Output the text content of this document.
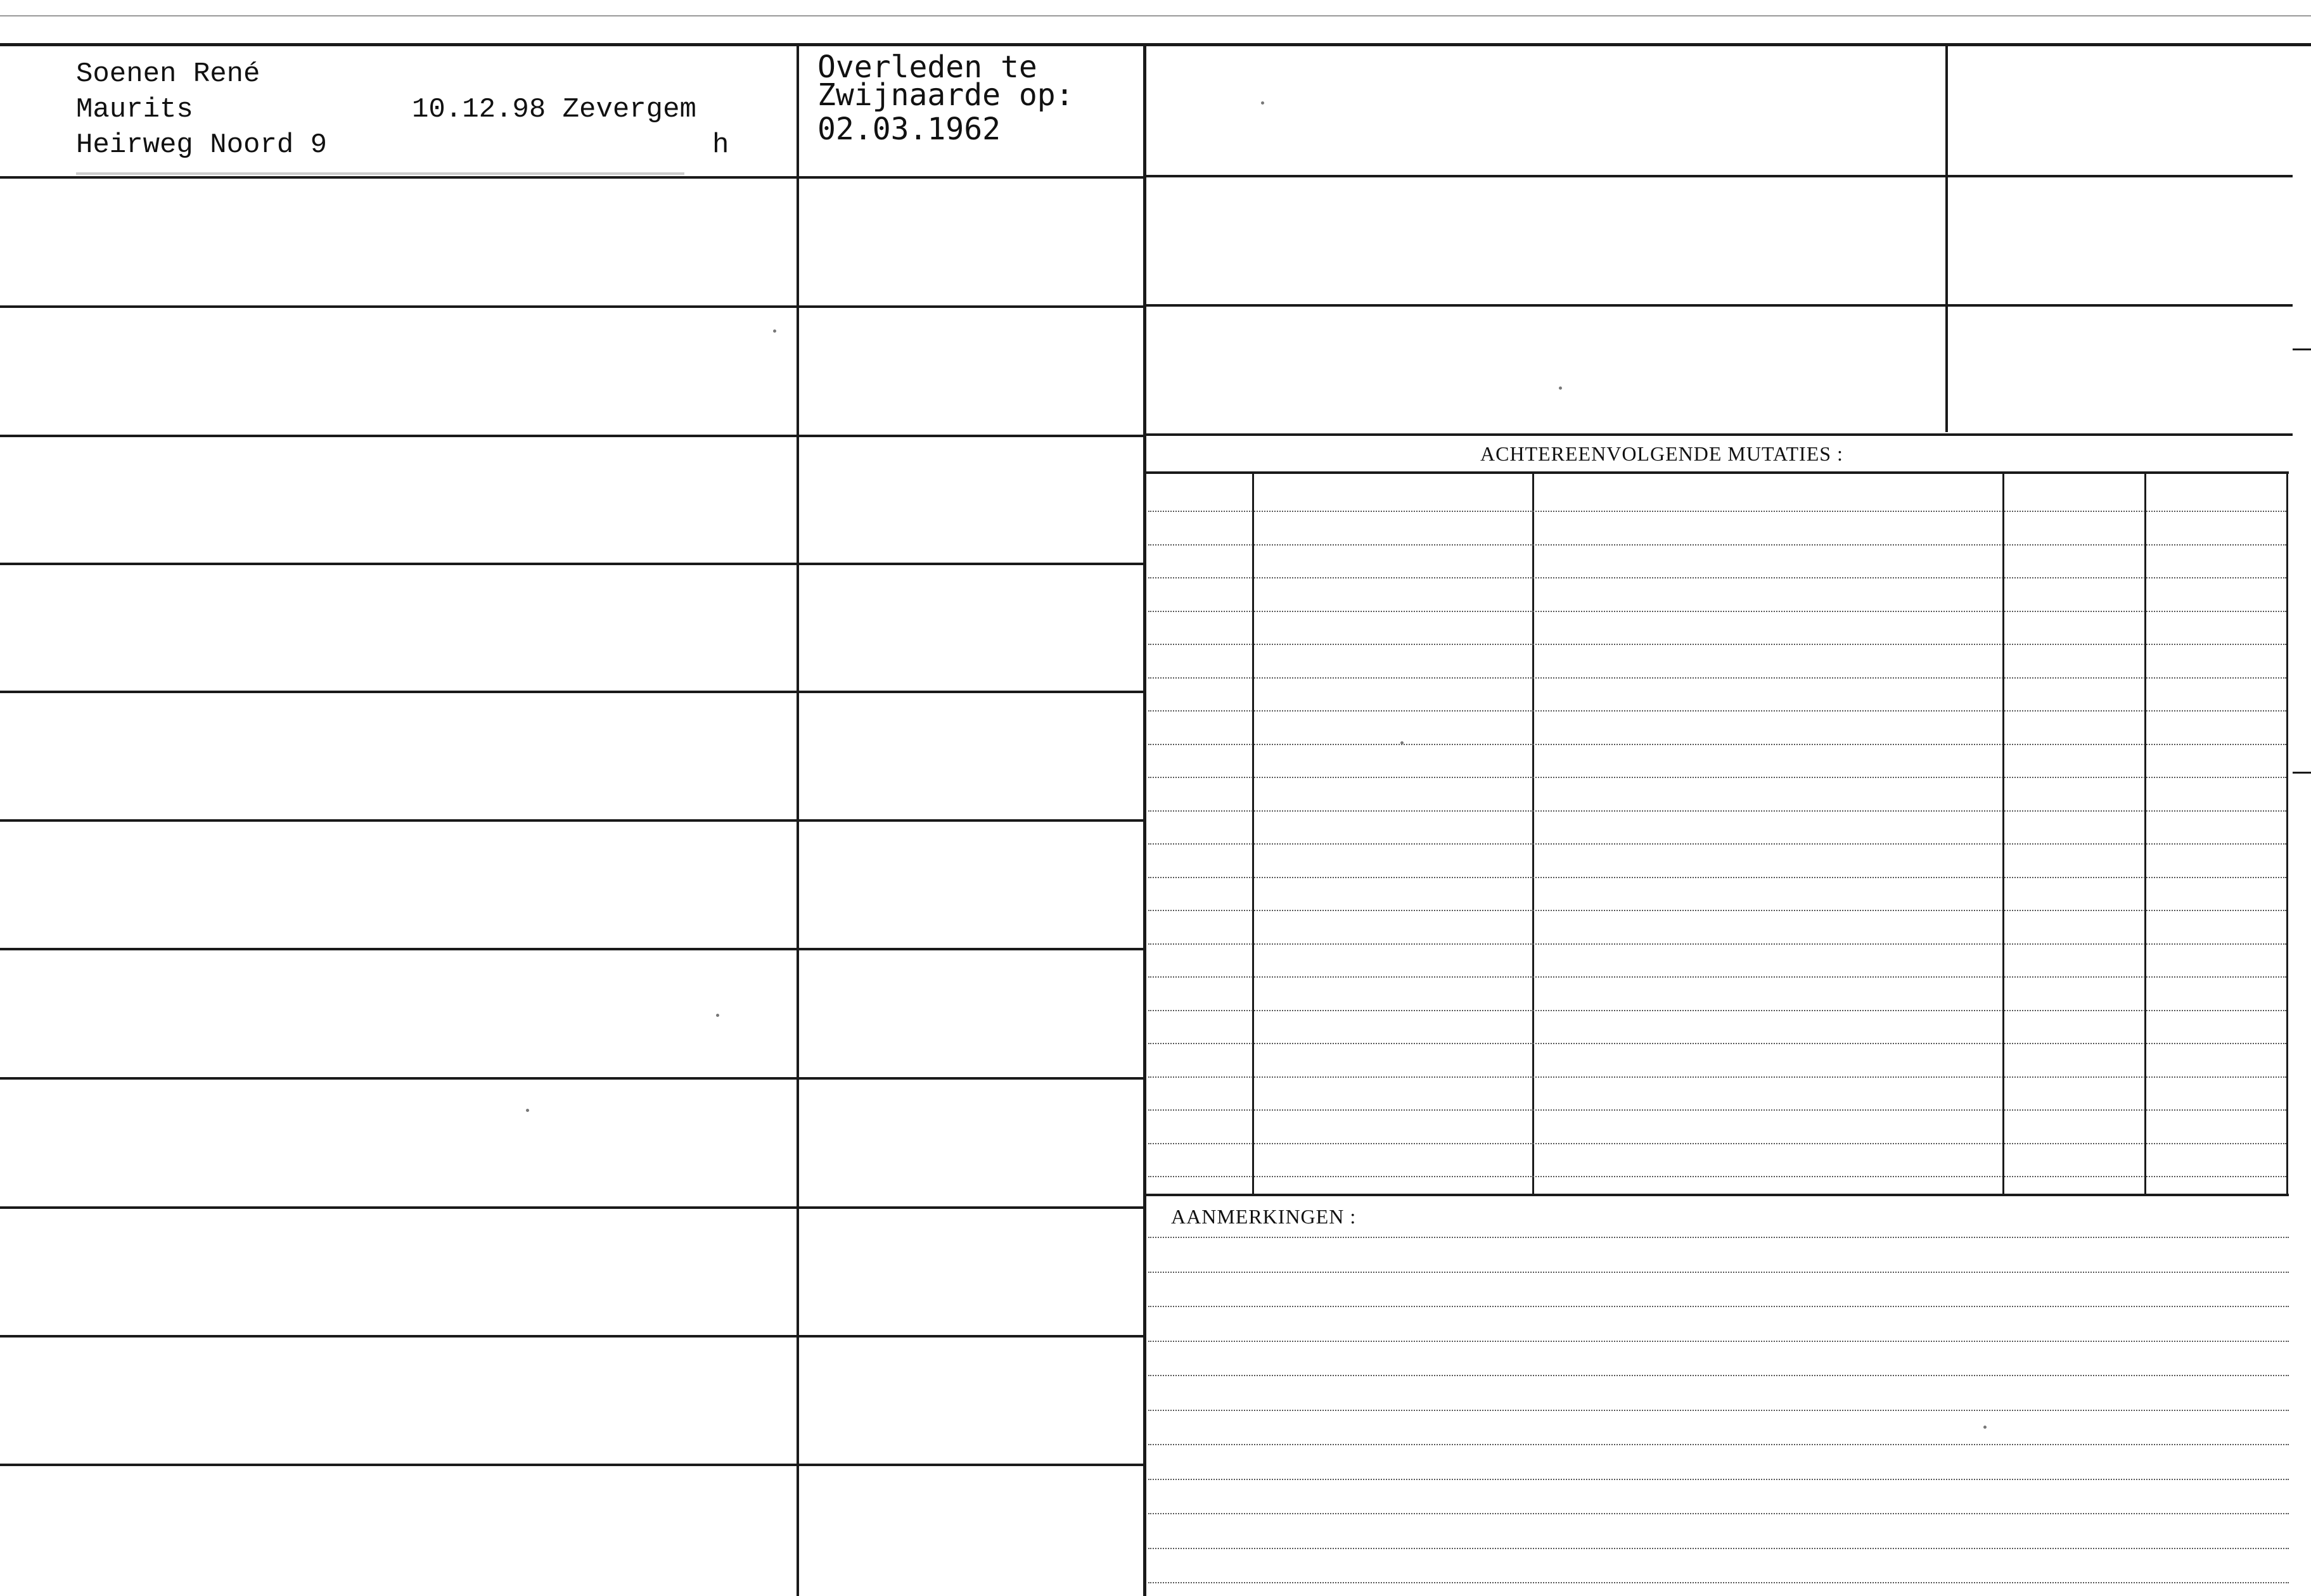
Soenen René
Maurits
Heirweg Noord 9
10.12.98 Zevergem
h
Overleden te
Zwijnaarde op:
02.03.1962
ACHTEREENVOLGENDE MUTATIES :
AANMERKINGEN :
